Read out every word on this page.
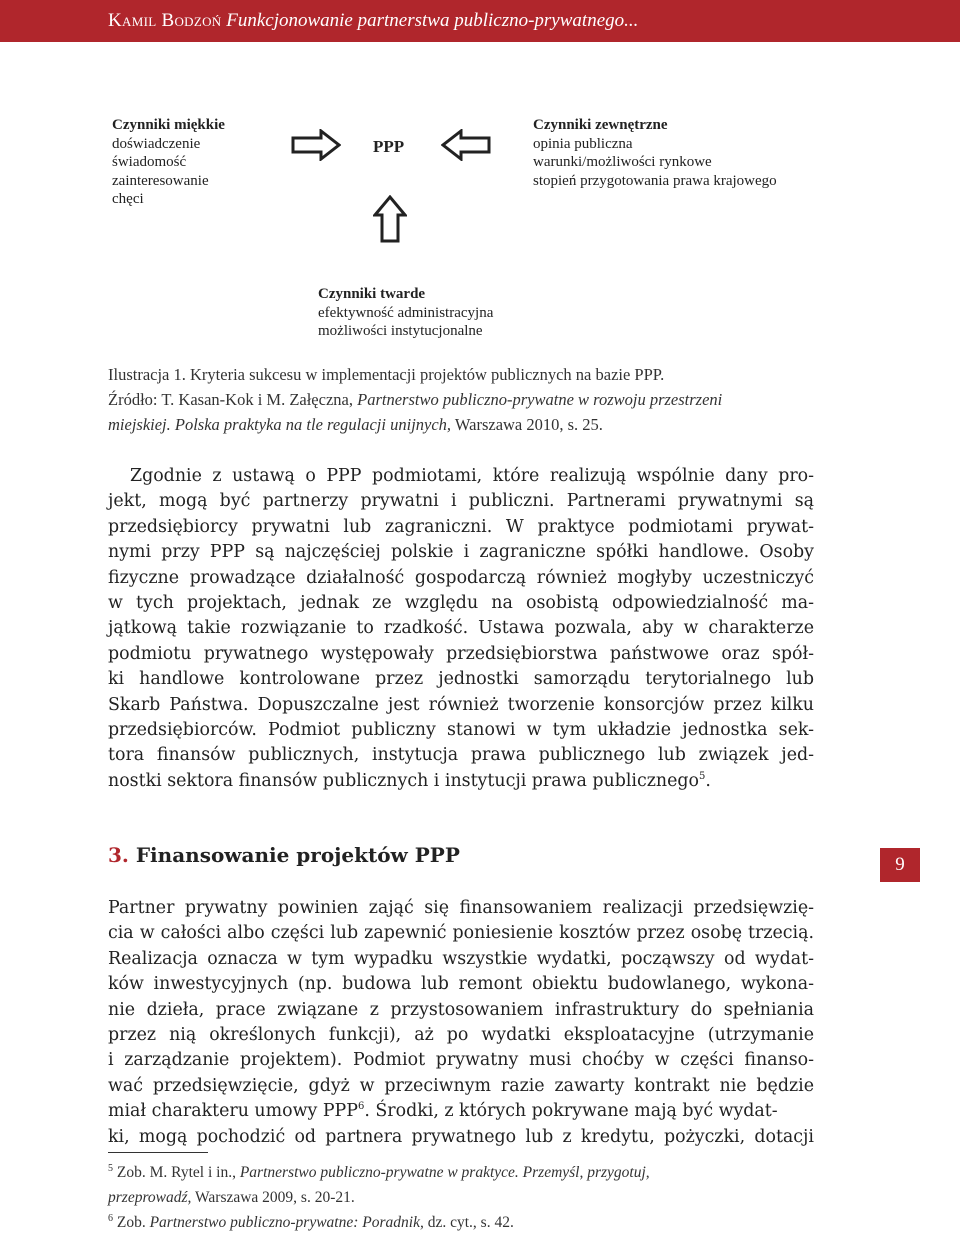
Kamil Bodzoń Funkcjonowanie partnerstwa publiczno-prywatnego...
Czynniki miękkie
doświadczenie
świadomość
zainteresowanie
chęci
Czynniki zewnętrzne
opinia publiczna
warunki/możliwości rynkowe
stopień przygotowania prawa krajowego
PPP
Czynniki twarde
efektywność administracyjna
możliwości instytucjonalne
Ilustracja 1. Kryteria sukcesu w implementacji projektów publicznych na bazie PPP.
Źródło: T. Kasan-Kok i M. Załęczna, Partnerstwo publiczno-prywatne w rozwoju przestrzeni
miejskiej. Polska praktyka na tle regulacji unijnych, Warszawa 2010, s. 25.
Zgodnie z ustawą o PPP podmiotami, które realizują wspólnie dany pro-
jekt, mogą być partnerzy prywatni i publiczni. Partnerami prywatnymi są
przedsiębiorcy prywatni lub zagraniczni. W praktyce podmiotami prywat-
nymi przy PPP są najczęściej polskie i zagraniczne spółki handlowe. Osoby
fizyczne prowadzące działalność gospodarczą również mogłyby uczestniczyć
w tych projektach, jednak ze względu na osobistą odpowiedzialność ma-
jątkową takie rozwiązanie to rzadkość. Ustawa pozwala, aby w charakterze
podmiotu prywatnego występowały przedsiębiorstwa państwowe oraz spół-
ki handlowe kontrolowane przez jednostki samorządu terytorialnego lub
Skarb Państwa. Dopuszczalne jest również tworzenie konsorcjów przez kilku
przedsiębiorców. Podmiot publiczny stanowi w tym układzie jednostka sek-
tora finansów publicznych, instytucja prawa publicznego lub związek jed-
nostki sektora finansów publicznych i instytucji prawa publicznego$^5$.
3. Finansowanie projektów PPP	9
Partner prywatny powinien zająć się finansowaniem realizacji przedsięwzię-
cia w całości albo części lub zapewnić poniesienie kosztów przez osobę trzecią.
Realizacja oznacza w tym wypadku wszystkie wydatki, począwszy od wydat-
ków inwestycyjnych (np. budowa lub remont obiektu budowlanego, wykona-
nie dzieła, prace związane z przystosowaniem infrastruktury do spełniania
przez nią określonych funkcji), aż po wydatki eksploatacyjne (utrzymanie
i zarządzanie projektem). Podmiot prywatny musi choćby w części finanso-
wać przedsięwzięcie, gdyż w przeciwnym razie zawarty kontrakt nie będzie
miał charakteru umowy PPP$^6$. Środki, z których pokrywane mają być wydat-
ki, mogą pochodzić od partnera prywatnego lub z kredytu, pożyczki, dotacji
$^5$ Zob. M. Rytel i in., Partnerstwo publiczno-prywatne w praktyce. Przemyśl, przygotuj,
przeprowadź, Warszawa 2009, s. 20-21.
$^6$ Zob. Partnerstwo publiczno-prywatne: Poradnik, dz. cyt., s. 42.
